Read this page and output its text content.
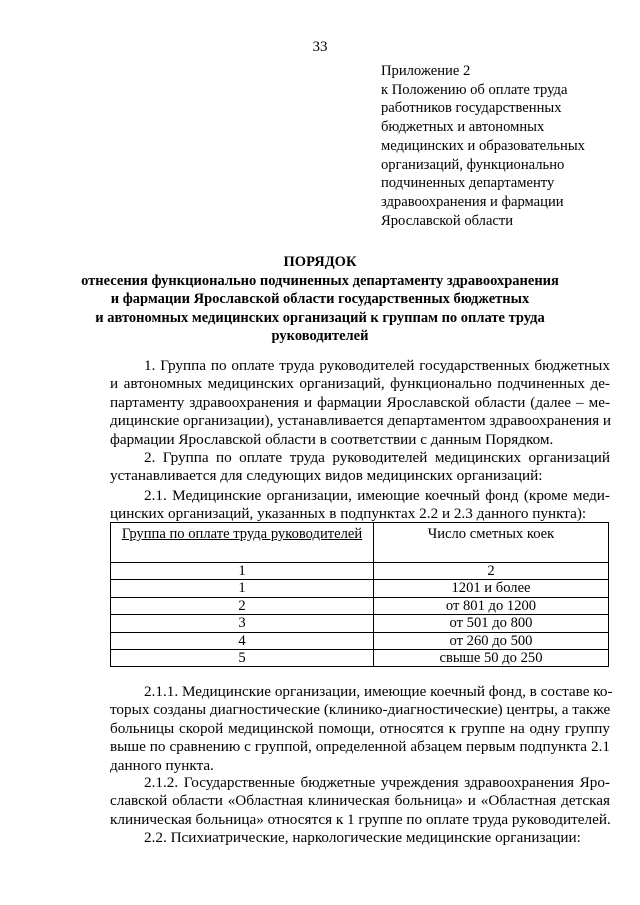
33
Приложение 2
к Положению об оплате труда
работников государственных
бюджетных и автономных
медицинских и образовательных
организаций, функционально
подчиненных департаменту
здравоохранения и фармации
Ярославской области
ПОРЯДОК
отнесения функционально подчиненных департаменту здравоохранения
и фармации Ярославской области государственных бюджетных
и автономных медицинских организаций к группам по оплате труда
руководителей
1. Группа по оплате труда руководителей государственных бюджетных
и автономных медицинских организаций, функционально подчиненных де-
партаменту здравоохранения и фармации Ярославской области (далее – ме-
дицинские организации), устанавливается департаментом здравоохранения и
фармации Ярославской области в соответствии с данным Порядком.
2. Группа по оплате труда руководителей медицинских организаций
устанавливается для следующих видов медицинских организаций:
2.1. Медицинские организации, имеющие коечный фонд (кроме меди-
цинских организаций, указанных в подпунктах 2.2 и 2.3 данного пункта):
Группа по оплате труда руководителей	Число сметных коек
1	2
1	1201 и более
2	от 801 до 1200
3	от 501 до 800
4	от 260 до 500
5	свыше 50 до 250
2.1.1. Медицинские организации, имеющие коечный фонд, в составе ко-
торых созданы диагностические (клинико-диагностические) центры, а также
больницы скорой медицинской помощи, относятся к группе на одну группу
выше по сравнению с группой, определенной абзацем первым подпункта 2.1
данного пункта.
2.1.2. Государственные бюджетные учреждения здравоохранения Яро-
славской области «Областная клиническая больница» и «Областная детская
клиническая больница» относятся к 1 группе по оплате труда руководителей.
2.2. Психиатрические, наркологические медицинские организации:
